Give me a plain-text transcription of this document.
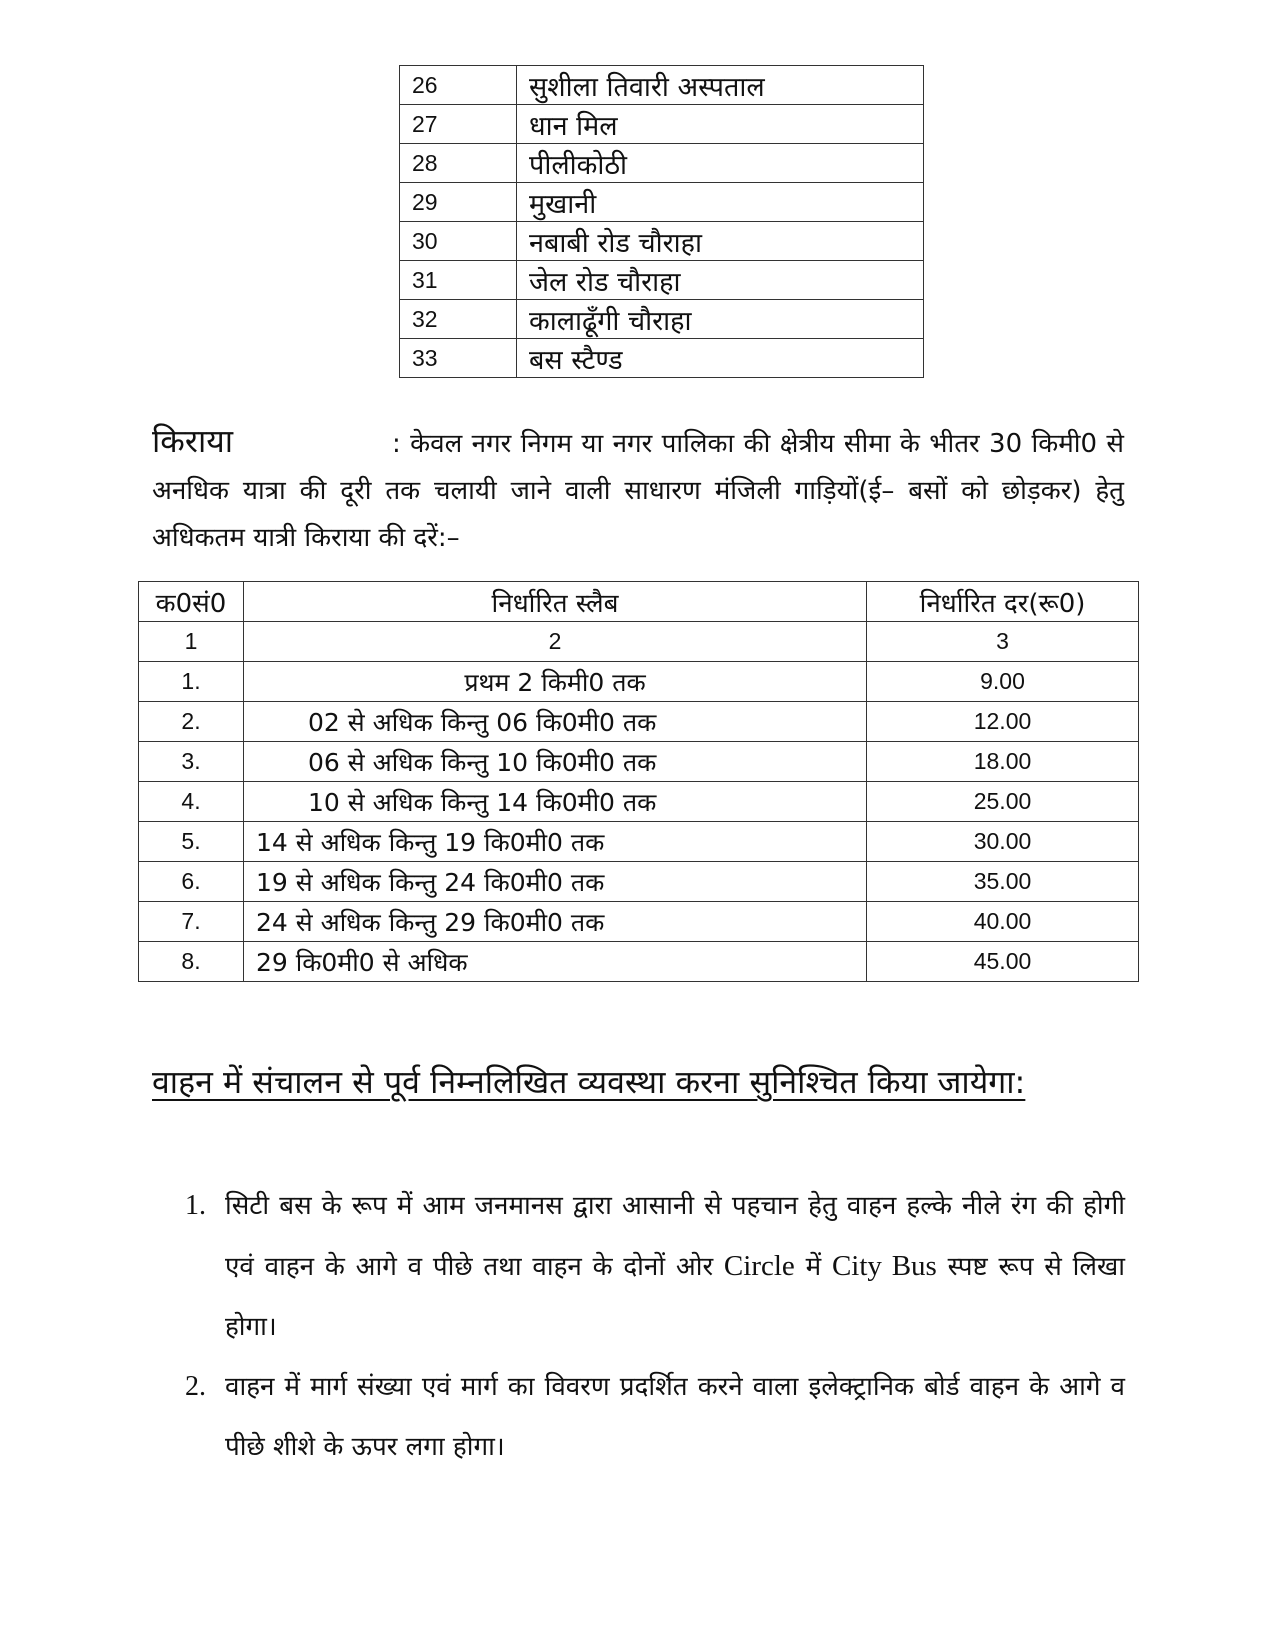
26	सुशीला तिवारी अस्पताल
27	धान मिल
28	पीलीकोठी
29	मुखानी
30	नबाबी रोड चौराहा
31	जेल रोड चौराहा
32	कालाढूँगी चौराहा
33	बस स्टैण्ड
किराया	: केवल नगर निगम या नगर पालिका की क्षेत्रीय सीमा के भीतर 30 किमी0 से अनधिक यात्रा की दूरी तक चलायी जाने वाली साधारण मंजिली गाड़ियों(ई– बसों को छोड़कर) हेतु अधिकतम यात्री किराया की दरें:–
क0सं0	निर्धारित स्लैब	निर्धारित दर(रू0)
1	2	3
1.	प्रथम 2 किमी0 तक	9.00
2.	02 से अधिक किन्तु 06 कि0मी0 तक	12.00
3.	06 से अधिक किन्तु 10 कि0मी0 तक	18.00
4.	10 से अधिक किन्तु 14 कि0मी0 तक	25.00
5.	14 से अधिक किन्तु 19 कि0मी0 तक	30.00
6.	19 से अधिक किन्तु 24 कि0मी0 तक	35.00
7.	24 से अधिक किन्तु 29 कि0मी0 तक	40.00
8.	29 कि0मी0 से अधिक	45.00
वाहन में संचालन से पूर्व निम्नलिखित व्यवस्था करना सुनिश्चित किया जायेगा:
1. सिटी बस के रूप में आम जनमानस द्वारा आसानी से पहचान हेतु वाहन हल्के नीले रंग की होगी एवं वाहन के आगे व पीछे तथा वाहन के दोनों ओर Circle में City Bus स्पष्ट रूप से लिखा होगा।
2. वाहन में मार्ग संख्या एवं मार्ग का विवरण प्रदर्शित करने वाला इलेक्ट्रानिक बोर्ड वाहन के आगे व पीछे शीशे के ऊपर लगा होगा।
